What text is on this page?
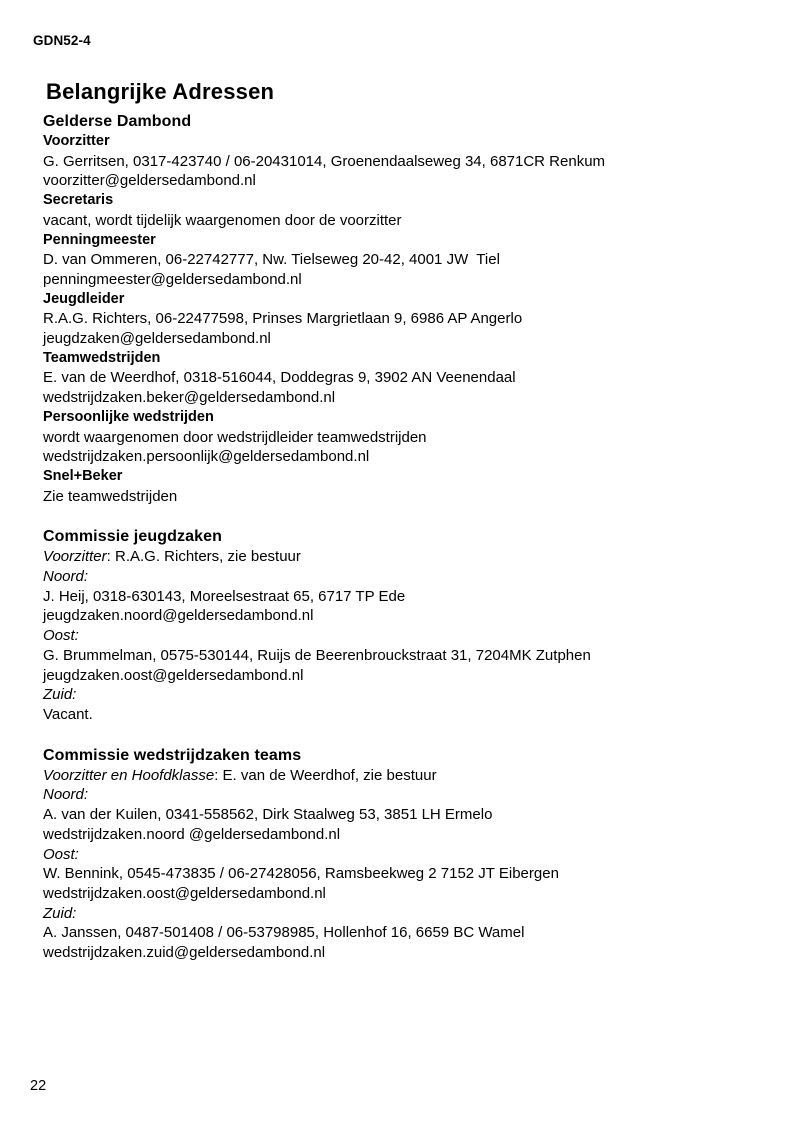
GDN52-4
Belangrijke Adressen
Gelderse Dambond
Voorzitter
G. Gerritsen, 0317-423740 / 06-20431014, Groenendaalseweg 34, 6871CR Renkum
voorzitter@geldersedambond.nl
Secretaris
vacant, wordt tijdelijk waargenomen door de voorzitter
Penningmeester
D. van Ommeren, 06-22742777, Nw. Tielseweg 20-42, 4001 JW  Tiel
penningmeester@geldersedambond.nl
Jeugdleider
R.A.G. Richters, 06-22477598, Prinses Margrietlaan 9, 6986 AP Angerlo
jeugdzaken@geldersedambond.nl
Teamwedstrijden
E. van de Weerdhof, 0318-516044, Doddegras 9, 3902 AN Veenendaal
wedstrijdzaken.beker@geldersedambond.nl
Persoonlijke wedstrijden
wordt waargenomen door wedstrijdleider teamwedstrijden
wedstrijdzaken.persoonlijk@geldersedambond.nl
Snel+Beker
Zie teamwedstrijden
Commissie jeugdzaken
Voorzitter: R.A.G. Richters, zie bestuur
Noord:
J. Heij, 0318-630143, Moreelsestraat 65, 6717 TP Ede
jeugdzaken.noord@geldersedambond.nl
Oost:
G. Brummelman, 0575-530144, Ruijs de Beerenbrouckstraat 31, 7204MK Zutphen
jeugdzaken.oost@geldersedambond.nl
Zuid:
Vacant.
Commissie wedstrijdzaken teams
Voorzitter en Hoofdklasse: E. van de Weerdhof, zie bestuur
Noord:
A. van der Kuilen, 0341-558562, Dirk Staalweg 53, 3851 LH Ermelo
wedstrijdzaken.noord @geldersedambond.nl
Oost:
W. Bennink, 0545-473835 / 06-27428056, Ramsbeekweg 2 7152 JT Eibergen
wedstrijdzaken.oost@geldersedambond.nl
Zuid:
A. Janssen, 0487-501408 / 06-53798985, Hollenhof 16, 6659 BC Wamel
wedstrijdzaken.zuid@geldersedambond.nl
22
